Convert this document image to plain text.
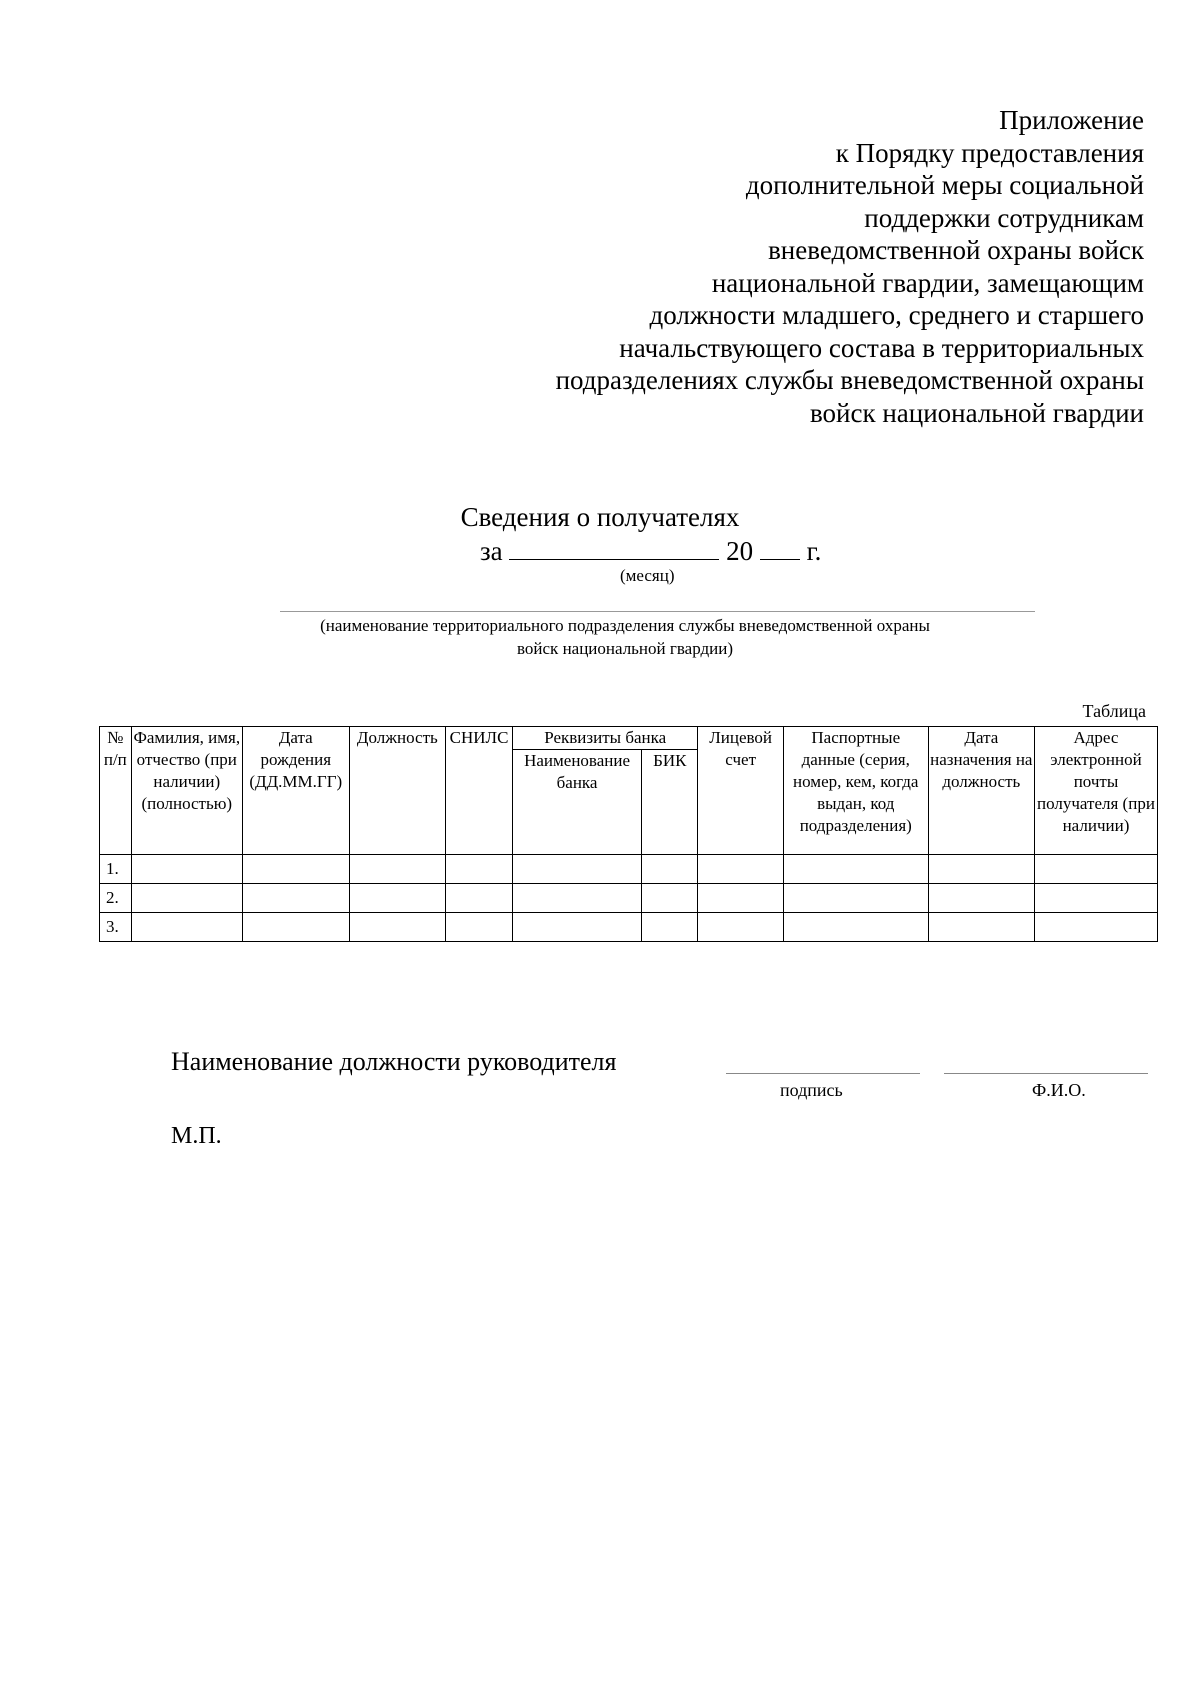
Приложение
к Порядку предоставления
дополнительной меры социальной
поддержки сотрудникам
вневедомственной охраны войск
национальной гвардии, замещающим
должности младшего, среднего и старшего
начальствующего состава в территориальных
подразделениях службы вневедомственной охраны
войск национальной гвардии
Сведения о получателях
за	20 г.
(месяц)
(наименование территориального подразделения службы вневедомственной охраны
войск национальной гвардии)
Таблица
№ п/п	Фамилия, имя, отчество (при наличии) (полностью)	Дата рождения (ДД.ММ.ГГ)	Должность	СНИЛС	Реквизиты банка		Лицевой счет	Паспортные данные (серия, номер, кем, когда выдан, код подразделения)	Дата назначения на должность	Адрес электронной почты получателя (при наличии)
					Наименование банка	БИК				
1.										
2.										
3.										
Наименование должности руководителя
подпись	Ф.И.О.
М.П.
